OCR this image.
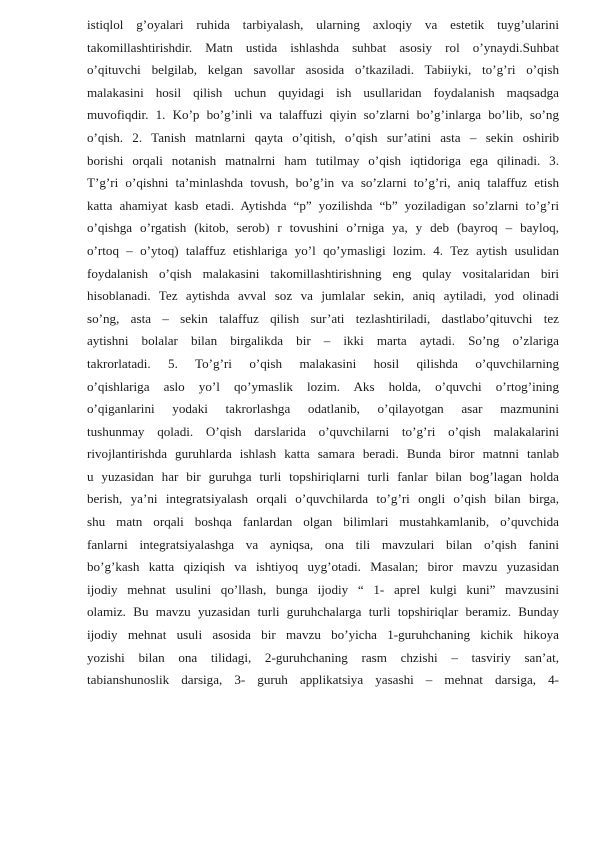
istiqlol g’oyalari ruhida tarbiyalash, ularning axloqiy va estetik tuyg’ularini
takomillashtirishdir. Matn ustida ishlashda suhbat asosiy rol o’ynaydi.Suhbat
o’qituvchi belgilab, kelgan savollar asosida o’tkaziladi. Tabiiyki, to’g’ri o’qish
malakasini hosil qilish uchun quyidagi ish usullaridan foydalanish maqsadga
muvofiqdir. 1. Ko’p bo’g’inli va talaffuzi qiyin so’zlarni bo’g’inlarga bo’lib, so’ng
o’qish. 2. Tanish matnlarni qayta o’qitish, o’qish sur’atini asta – sekin oshirib
borishi orqali notanish matnalrni ham tutilmay o’qish iqtidoriga ega qilinadi. 3.
T’g’ri o’qishni ta’minlashda tovush, bo’g’in va so’zlarni to’g’ri, aniq talaffuz etish
katta ahamiyat kasb etadi. Aytishda “p” yozilishda “b” yoziladigan so’zlarni to’g’ri
o’qishga o’rgatish (kitob, serob) r tovushini o’rniga ya, y deb (bayroq – bayloq,
o’rtoq – o’ytoq) talaffuz etishlariga yo’l qo’ymasligi lozim. 4. Tez aytish usulidan
foydalanish o’qish malakasini takomillashtirishning eng qulay vositalaridan biri
hisoblanadi. Tez aytishda avval soz va jumlalar sekin, aniq aytiladi, yod olinadi
so’ng, asta – sekin talaffuz qilish sur’ati tezlashtiriladi, dastlabo’qituvchi tez
aytishni bolalar bilan birgalikda bir – ikki marta aytadi. So’ng o’zlariga
takrorlatadi. 5. To’g’ri o’qish malakasini hosil qilishda o’quvchilarning
o’qishlariga aslo yo’l qo’ymaslik lozim. Aks holda, o’quvchi o’rtog’ining
o’qiganlarini yodaki takrorlashga odatlanib, o’qilayotgan asar mazmunini
tushunmay qoladi. O’qish darslarida o’quvchilarni to’g’ri o’qish malakalarini
rivojlantirishda guruhlarda ishlash katta samara beradi. Bunda biror matnni tanlab
u yuzasidan har bir guruhga turli topshiriqlarni turli fanlar bilan bog’lagan holda
berish, ya’ni integratsiyalash orqali o’quvchilarda to’g’ri ongli o’qish bilan birga,
shu matn orqali boshqa fanlardan olgan bilimlari mustahkamlanib, o’quvchida
fanlarni integratsiyalashga va ayniqsa, ona tili mavzulari bilan o’qish fanini
bo’g’kash katta qiziqish va ishtiyoq uyg’otadi. Masalan; biror mavzu yuzasidan
ijodiy mehnat usulini qo’llash, bunga ijodiy “ 1- aprel kulgi kuni” mavzusini
olamiz. Bu mavzu yuzasidan turli guruhchalarga turli topshiriqlar beramiz. Bunday
ijodiy mehnat usuli asosida bir mavzu bo’yicha 1-guruhchaning kichik hikoya
yozishi bilan ona tilidagi, 2-guruhchaning rasm chzishi – tasviriy san’at,
tabianshunoslik darsiga, 3- guruh applikatsiya yasashi – mehnat darsiga, 4-
